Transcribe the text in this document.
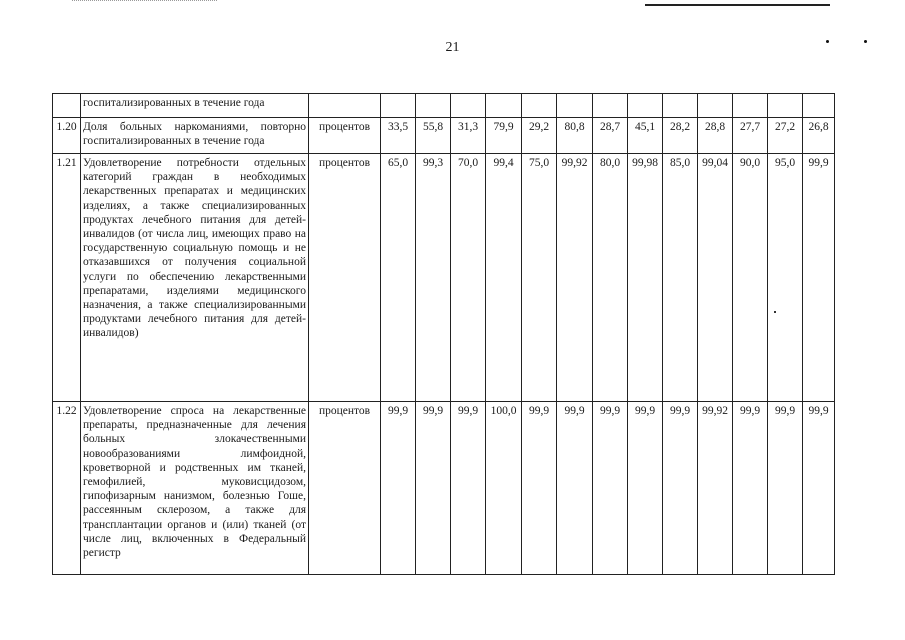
21
	госпитализированных в течение года														
1.20	Доля больных наркоманиями, повторно госпитализированных в течение года	процентов	33,5	55,8	31,3	79,9	29,2	80,8	28,7	45,1	28,2	28,8	27,7	27,2	26,8
1.21	Удовлетворение потребности отдельных категорий граждан в необходимых лекарственных препаратах и медицинских изделиях, а также специализированных продуктах лечебного питания для детей-инвалидов (от числа лиц, имеющих право на государственную социальную помощь и не отказавшихся от получения социальной услуги по обеспечению лекарственными препаратами, изделиями медицинского назначения, а также специализированными продуктами лечебного питания для детей-инвалидов)	процентов	65,0	99,3	70,0	99,4	75,0	99,92	80,0	99,98	85,0	99,04	90,0	95,0	99,9
1.22	Удовлетворение спроса на лекарственные препараты, предназначенные для лечения больных злокачественными новообразованиями лимфоидной, кроветворной и родственных им тканей, гемофилией, муковисцидозом, гипофизарным нанизмом, болезнью Гоше, рассеянным склерозом, а также для трансплантации органов и (или) тканей (от числе лиц, включенных в Федеральный регистр	процентов	99,9	99,9	99,9	100,0	99,9	99,9	99,9	99,9	99,9	99,92	99,9	99,9	99,9
